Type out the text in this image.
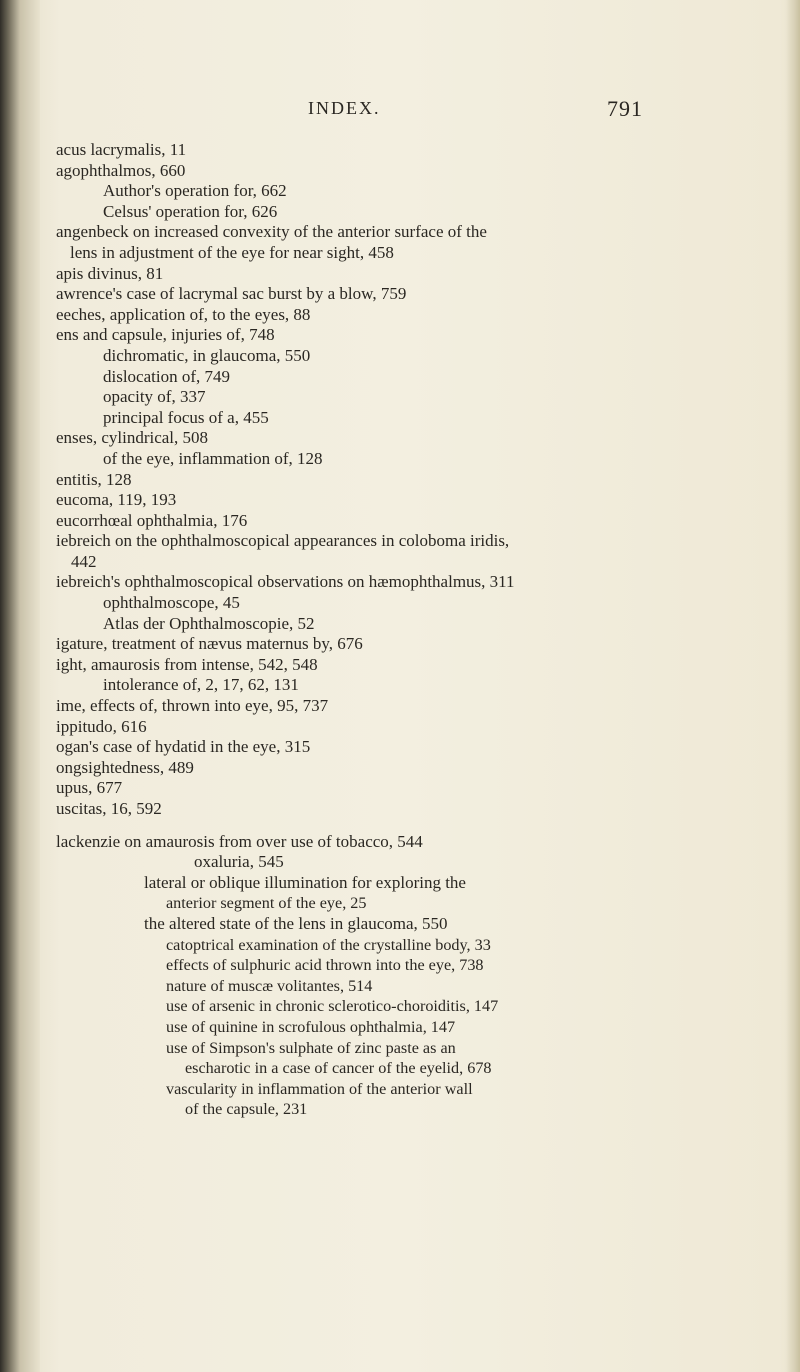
INDEX.	791
acus lacrymalis, 11
agophthalmos, 660
Author's operation for, 662
Celsus' operation for, 626
angenbeck on increased convexity of the anterior surface of the
lens in adjustment of the eye for near sight, 458
apis divinus, 81
awrence's case of lacrymal sac burst by a blow, 759
eeches, application of, to the eyes, 88
ens and capsule, injuries of, 748
dichromatic, in glaucoma, 550
dislocation of, 749
opacity of, 337
principal focus of a, 455
enses, cylindrical, 508
of the eye, inflammation of, 128
entitis, 128
eucoma, 119, 193
eucorrhœal ophthalmia, 176
iebreich on the ophthalmoscopical appearances in coloboma iridis,
442
iebreich's ophthalmoscopical observations on hæmophthalmus, 311
ophthalmoscope, 45
Atlas der Ophthalmoscopie, 52
igature, treatment of nævus maternus by, 676
ight, amaurosis from intense, 542, 548
intolerance of, 2, 17, 62, 131
ime, effects of, thrown into eye, 95, 737
ippitudo, 616
ogan's case of hydatid in the eye, 315
ongsightedness, 489
upus, 677
uscitas, 16, 592
lackenzie on amaurosis from over use of tobacco, 544
oxaluria, 545
lateral or oblique illumination for exploring the
anterior segment of the eye, 25
the altered state of the lens in glaucoma, 550
catoptrical examination of the crystalline body, 33
effects of sulphuric acid thrown into the eye, 738
nature of muscæ volitantes, 514
use of arsenic in chronic sclerotico-choroiditis, 147
use of quinine in scrofulous ophthalmia, 147
use of Simpson's sulphate of zinc paste as an
escharotic in a case of cancer of the eyelid, 678
vascularity in inflammation of the anterior wall
of the capsule, 231
